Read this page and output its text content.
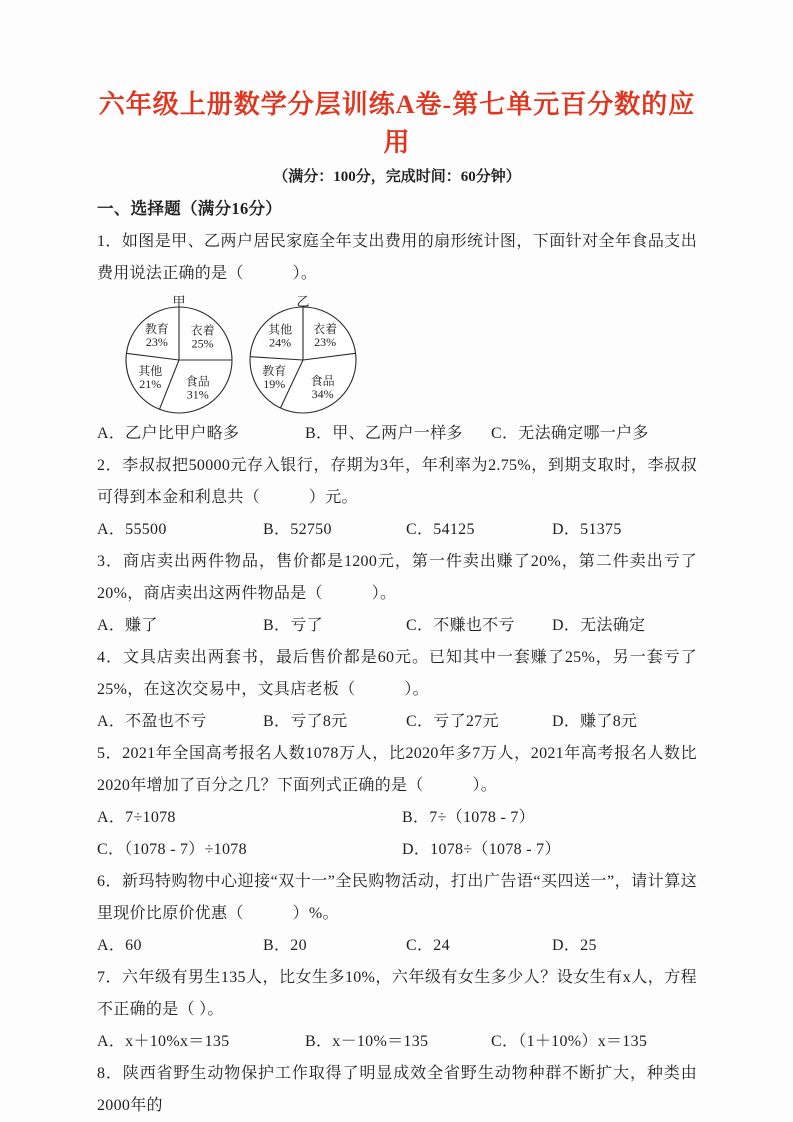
六年级上册数学分层训练A卷-第七单元百分数的应用

（满分：100分，完成时间：60分钟）

一、选择题（满分16分）

1．如图是甲、乙两户居民家庭全年支出费用的扇形统计图，下面针对全年食品支出费用说法正确的是（　　　）。

甲
衣着
25%
食品
31%
其他
21%
教育
23%
乙
衣着
23%
食品
34%
教育
19%
其他
24%
A．乙户比甲户略多	B．甲、乙两户一样多	C．无法确定哪一户多

2．李叔叔把50000元存入银行，存期为3年，年利率为2.75%，到期支取时，李叔叔可得到本金和利息共（　　　）元。

A．55500	B．52750	C．54125	D．51375

3．商店卖出两件物品，售价都是1200元，第一件卖出赚了20%，第二件卖出亏了20%，商店卖出这两件物品是（　　　）。

A．赚了	B．亏了	C．不赚也不亏	D．无法确定

4．文具店卖出两套书，最后售价都是60元。已知其中一套赚了25%，另一套亏了25%，在这次交易中，文具店老板（　　　）。

A．不盈也不亏	B．亏了8元	C．亏了27元	D．赚了8元

5．2021年全国高考报名人数1078万人，比2020年多7万人，2021年高考报名人数比2020年增加了百分之几？下面列式正确的是（　　　）。

A．7÷1078	B．7÷（1078 - 7）
C．（1078 - 7）÷1078	D．1078÷（1078 - 7）

6．新玛特购物中心迎接“双十一”全民购物活动，打出广告语“买四送一”，请计算这里现价比原价优惠（　　　）%。

A．60	B．20	C．24	D．25

7．六年级有男生135人，比女生多10%，六年级有女生多少人？设女生有x人，方程不正确的是（ ）。

A．x＋10%x＝135	B．x－10%＝135	C．（1＋10%）x＝135

8．陕西省野生动物保护工作取得了明显成效全省野生动物种群不断扩大，种类由2000年的
